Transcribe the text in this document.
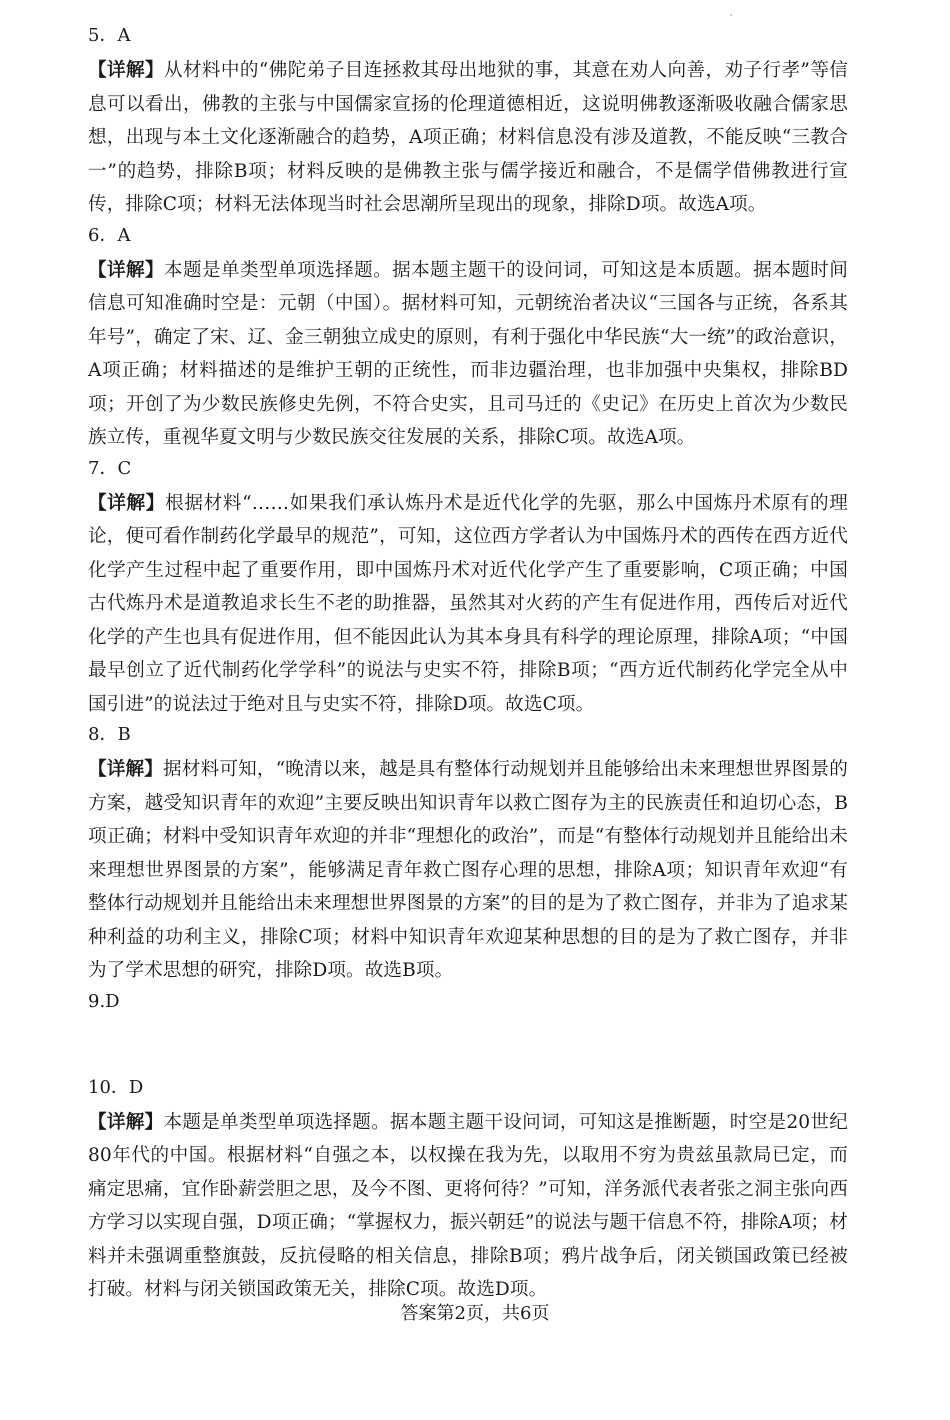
5．A

【详解】从材料中的“佛陀弟子目连拯救其母出地狱的事，其意在劝人向善，劝子行孝”等信息可以看出，佛教的主张与中国儒家宣扬的伦理道德相近，这说明佛教逐渐吸收融合儒家思想，出现与本土文化逐渐融合的趋势，A项正确；材料信息没有涉及道教，不能反映“三教合一”的趋势，排除B项；材料反映的是佛教主张与儒学接近和融合，不是儒学借佛教进行宣传，排除C项；材料无法体现当时社会思潮所呈现出的现象，排除D项。故选A项。

6．A

【详解】本题是单类型单项选择题。据本题主题干的设问词，可知这是本质题。据本题时间信息可知准确时空是：元朝（中国）。据材料可知，元朝统治者决议“三国各与正统，各系其年号”，确定了宋、辽、金三朝独立成史的原则，有利于强化中华民族“大一统”的政治意识，A项正确；材料描述的是维护王朝的正统性，而非边疆治理，也非加强中央集权，排除BD项；开创了为少数民族修史先例，不符合史实，且司马迁的《史记》在历史上首次为少数民族立传，重视华夏文明与少数民族交往发展的关系，排除C项。故选A项。

7．C

【详解】根据材料“……如果我们承认炼丹术是近代化学的先驱，那么中国炼丹术原有的理论，便可看作制药化学最早的规范”，可知，这位西方学者认为中国炼丹术的西传在西方近代化学产生过程中起了重要作用，即中国炼丹术对近代化学产生了重要影响，C项正确；中国古代炼丹术是道教追求长生不老的助推器，虽然其对火药的产生有促进作用，西传后对近代化学的产生也具有促进作用，但不能因此认为其本身具有科学的理论原理，排除A项；“中国最早创立了近代制药化学学科”的说法与史实不符，排除B项；“西方近代制药化学完全从中国引进”的说法过于绝对且与史实不符，排除D项。故选C项。

8．B

【详解】据材料可知，“晚清以来，越是具有整体行动规划并且能够给出未来理想世界图景的方案，越受知识青年的欢迎”主要反映出知识青年以救亡图存为主的民族责任和迫切心态，B项正确；材料中受知识青年欢迎的并非“理想化的政治”，而是“有整体行动规划并且能给出未来理想世界图景的方案”，能够满足青年救亡图存心理的思想，排除A项；知识青年欢迎“有整体行动规划并且能给出未来理想世界图景的方案”的目的是为了救亡图存，并非为了追求某种利益的功利主义，排除C项；材料中知识青年欢迎某种思想的目的是为了救亡图存，并非为了学术思想的研究，排除D项。故选B项。

9.D

10．D

【详解】本题是单类型单项选择题。据本题主题干设问词，可知这是推断题，时空是20世纪80年代的中国。根据材料“自强之本，以权操在我为先，以取用不穷为贵兹虽款局已定，而痛定思痛，宜作卧薪尝胆之思，及今不图、更将何待？”可知，洋务派代表者张之洞主张向西方学习以实现自强，D项正确；“掌握权力，振兴朝廷”的说法与题干信息不符，排除A项；材料并未强调重整旗鼓，反抗侵略的相关信息，排除B项；鸦片战争后，闭关锁国政策已经被打破。材料与闭关锁国政策无关，排除C项。故选D项。

答案第2页，共6页
